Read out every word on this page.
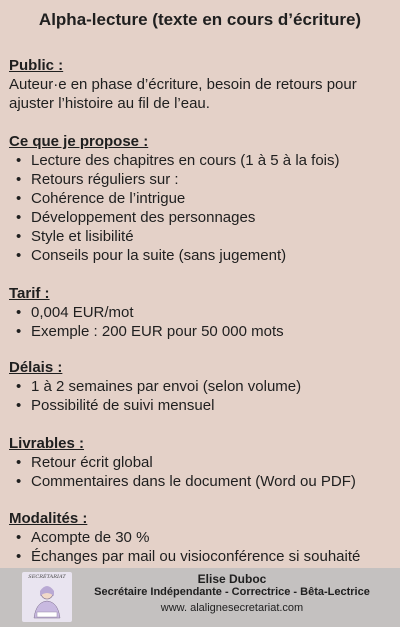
Alpha-lecture (texte en cours d’écriture)
Public :
Auteur·e en phase d’écriture, besoin de retours pour ajuster l’histoire au fil de l’eau.
Ce que je propose :
• Lecture des chapitres en cours (1 à 5 à la fois)
• Retours réguliers sur :
• Cohérence de l’intrigue
• Développement des personnages
• Style et lisibilité
• Conseils pour la suite (sans jugement)
Tarif :
• 0,004 EUR/mot
• Exemple : 200 EUR pour 50 000 mots
Délais :
• 1 à 2 semaines par envoi (selon volume)
• Possibilité de suivi mensuel
Livrables :
• Retour écrit global
• Commentaires dans le document (Word ou PDF)
Modalités :
• Acompte de 30 %
• Échanges par mail ou visioconférence si souhaité
SECRÉTARIAT	Elise Duboc
Secrétaire Indépendante - Correctrice - Bêta-Lectrice
www. alalignesecretariat.com
